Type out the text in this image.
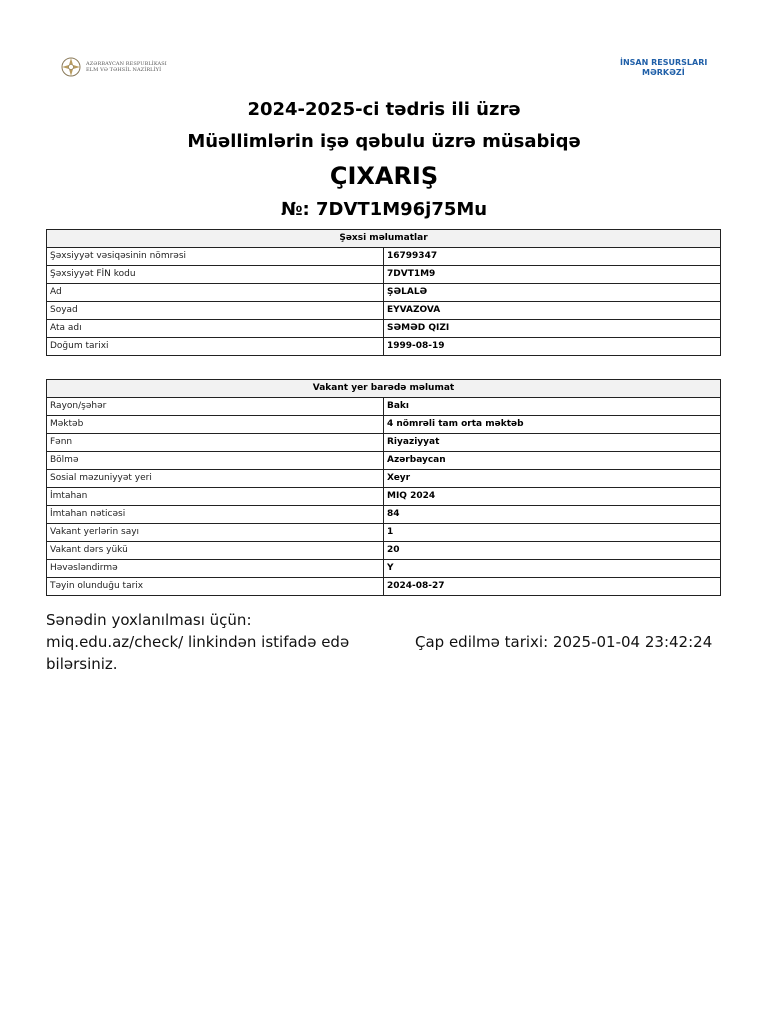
AZƏRBAYCAN RESPUBLİKASI
ELM VƏ TƏHSİL NAZİRLİYİ
İNSAN RESURSLARI
MƏRKƏZİ
2024-2025-ci tədris ili üzrə
Müəllimlərin işə qəbulu üzrə müsabiqə
ÇIXARIŞ
№: 7DVT1M96j75Mu
Şəxsi məlumatlar	
Şəxsiyyət vəsiqəsinin nömrəsi	16799347
Şəxsiyyət FİN kodu	7DVT1M9
Ad	ŞƏLALƏ
Soyad	EYVAZOVA
Ata adı	SƏMƏD QIZI
Doğum tarixi	1999-08-19
Vakant yer barədə məlumat	
Rayon/şəhər	Bakı
Məktəb	4 nömrəli tam orta məktəb
Fənn	Riyaziyyat
Bölmə	Azərbaycan
Sosial məzuniyyət yeri	Xeyr
İmtahan	MIQ 2024
İmtahan nəticəsi	84
Vakant yerlərin sayı	1
Vakant dərs yükü	20
Həvəsləndirmə	Y
Təyin olunduğu tarix	2024-08-27
Sənədin yoxlanılması üçün:
miq.edu.az/check/ linkindən istifadə edə
bilərsiniz.
Çap edilmə tarixi: 2025-01-04 23:42:24
